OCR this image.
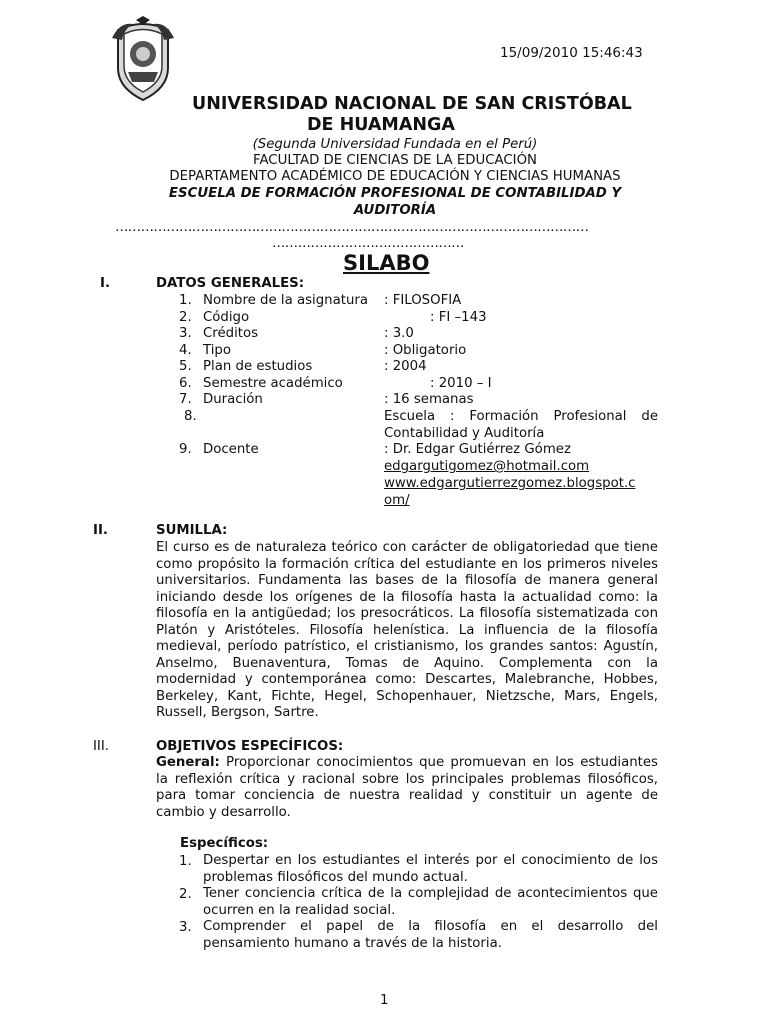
15/09/2010 15:46:43
UNIVERSIDAD NACIONAL DE SAN CRISTÓBAL
DE HUAMANGA
(Segunda Universidad Fundada en el Perú)
FACULTAD DE CIENCIAS DE LA EDUCACIÓN
DEPARTAMENTO ACADÉMICO DE EDUCACIÓN Y CIENCIAS HUMANAS
ESCUELA DE FORMACIÓN PROFESIONAL DE CONTABILIDAD Y
AUDITORÍA
…………………………………………………………………………………………………
………………………………………
SILABO
I.	DATOS GENERALES:
1. Nombre de la asignatura : FILOSOFIA
2. Código	: FI –143
3. Créditos	: 3.0
4. Tipo	: Obligatorio
5. Plan de estudios	: 2004
6. Semestre académico	: 2010 – I
7. Duración	: 16 semanas
8.	Escuela : Formación Profesional de Contabilidad y Auditoría
9. Docente	: Dr. Edgar Gutiérrez Gómez
edgargutigomez@hotmail.com
www.edgargutierrezgomez.blogspot.c
om/
II.	SUMILLA:
El curso es de naturaleza teórico con carácter de obligatoriedad que tiene como propósito la formación crítica del estudiante en los primeros niveles universitarios. Fundamenta las bases de la filosofía de manera general iniciando desde los orígenes de la filosofía hasta la actualidad como: la filosofía en la antigüedad; los presocráticos. La filosofía sistematizada con Platón y Aristóteles. Filosofía helenística. La influencia de la filosofía medieval, período patrístico, el cristianismo, los grandes santos: Agustín, Anselmo, Buenaventura, Tomas de Aquino. Complementa con la modernidad y contemporánea como: Descartes, Malebranche, Hobbes, Berkeley, Kant, Fichte, Hegel, Schopenhauer, Nietzsche, Mars, Engels, Russell, Bergson, Sartre.
III.	OBJETIVOS ESPECÍFICOS:
General: Proporcionar conocimientos que promuevan en los estudiantes la reflexión crítica y racional sobre los principales problemas filosóficos, para tomar conciencia de nuestra realidad y constituir un agente de cambio y desarrollo.
Específicos:
1. Despertar en los estudiantes el interés por el conocimiento de los problemas filosóficos del mundo actual.
2. Tener conciencia crítica de la complejidad de acontecimientos que ocurren en la realidad social.
3. Comprender el papel de la filosofía en el desarrollo del pensamiento humano a través de la historia.
1
